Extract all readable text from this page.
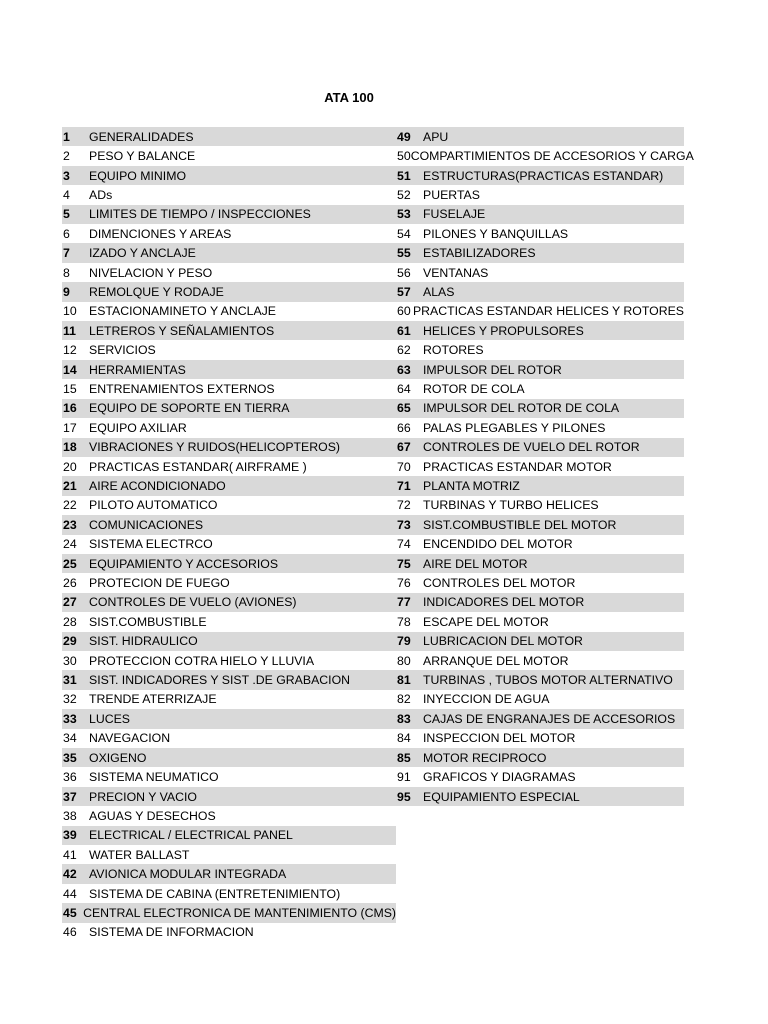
ATA 100
1	GENERALIDADES
2	PESO Y BALANCE
3	EQUIPO MINIMO
4	ADs
5	LIMITES DE TIEMPO / INSPECCIONES
6	DIMENCIONES Y AREAS
7	IZADO Y ANCLAJE
8	NIVELACION Y PESO
9	REMOLQUE Y RODAJE
10	ESTACIONAMINETO Y ANCLAJE
11	LETREROS Y SEÑALAMIENTOS
12	SERVICIOS
14	HERRAMIENTAS
15	ENTRENAMIENTOS EXTERNOS
16	EQUIPO DE SOPORTE EN TIERRA
17	EQUIPO AXILIAR
18	VIBRACIONES Y RUIDOS(HELICOPTEROS)
20	PRACTICAS ESTANDAR( AIRFRAME )
21	AIRE ACONDICIONADO
22	PILOTO AUTOMATICO
23	COMUNICACIONES
24	SISTEMA ELECTRCO
25	EQUIPAMIENTO Y ACCESORIOS
26	PROTECION DE FUEGO
27	CONTROLES DE VUELO (AVIONES)
28	SIST.COMBUSTIBLE
29	SIST. HIDRAULICO
30	PROTECCION COTRA HIELO Y LLUVIA
31	SIST. INDICADORES Y SIST .DE GRABACION
32	TRENDE ATERRIZAJE
33	LUCES
34	NAVEGACION
35	OXIGENO
36	SISTEMA NEUMATICO
37	PRECION Y VACIO
38	AGUAS Y DESECHOS
39	ELECTRICAL / ELECTRICAL PANEL
41	WATER BALLAST
42	AVIONICA MODULAR INTEGRADA
44	SISTEMA DE CABINA (ENTRETENIMIENTO)
45 CENTRAL ELECTRONICA DE MANTENIMIENTO (CMS)
46	SISTEMA DE INFORMACION
49	APU
50 COMPARTIMIENTOS DE ACCESORIOS Y CARGA
51	ESTRUCTURAS(PRACTICAS ESTANDAR)
52	PUERTAS
53	FUSELAJE
54	PILONES Y BANQUILLAS
55	ESTABILIZADORES
56	VENTANAS
57	ALAS
60 PRACTICAS ESTANDAR HELICES Y ROTORES
61	HELICES Y PROPULSORES
62	ROTORES
63	IMPULSOR DEL ROTOR
64	ROTOR DE COLA
65	IMPULSOR DEL ROTOR DE COLA
66	PALAS PLEGABLES Y PILONES
67	CONTROLES DE VUELO DEL ROTOR
70	PRACTICAS ESTANDAR MOTOR
71	PLANTA MOTRIZ
72	TURBINAS Y TURBO HELICES
73	SIST.COMBUSTIBLE DEL MOTOR
74	ENCENDIDO DEL MOTOR
75	AIRE DEL MOTOR
76	CONTROLES DEL MOTOR
77	INDICADORES DEL MOTOR
78	ESCAPE DEL MOTOR
79	LUBRICACION DEL MOTOR
80	ARRANQUE DEL MOTOR
81	TURBINAS , TUBOS MOTOR ALTERNATIVO
82	INYECCION DE AGUA
83	CAJAS DE ENGRANAJES DE ACCESORIOS
84	INSPECCION DEL MOTOR
85	MOTOR RECIPROCO
91	GRAFICOS Y DIAGRAMAS
95	EQUIPAMIENTO ESPECIAL
